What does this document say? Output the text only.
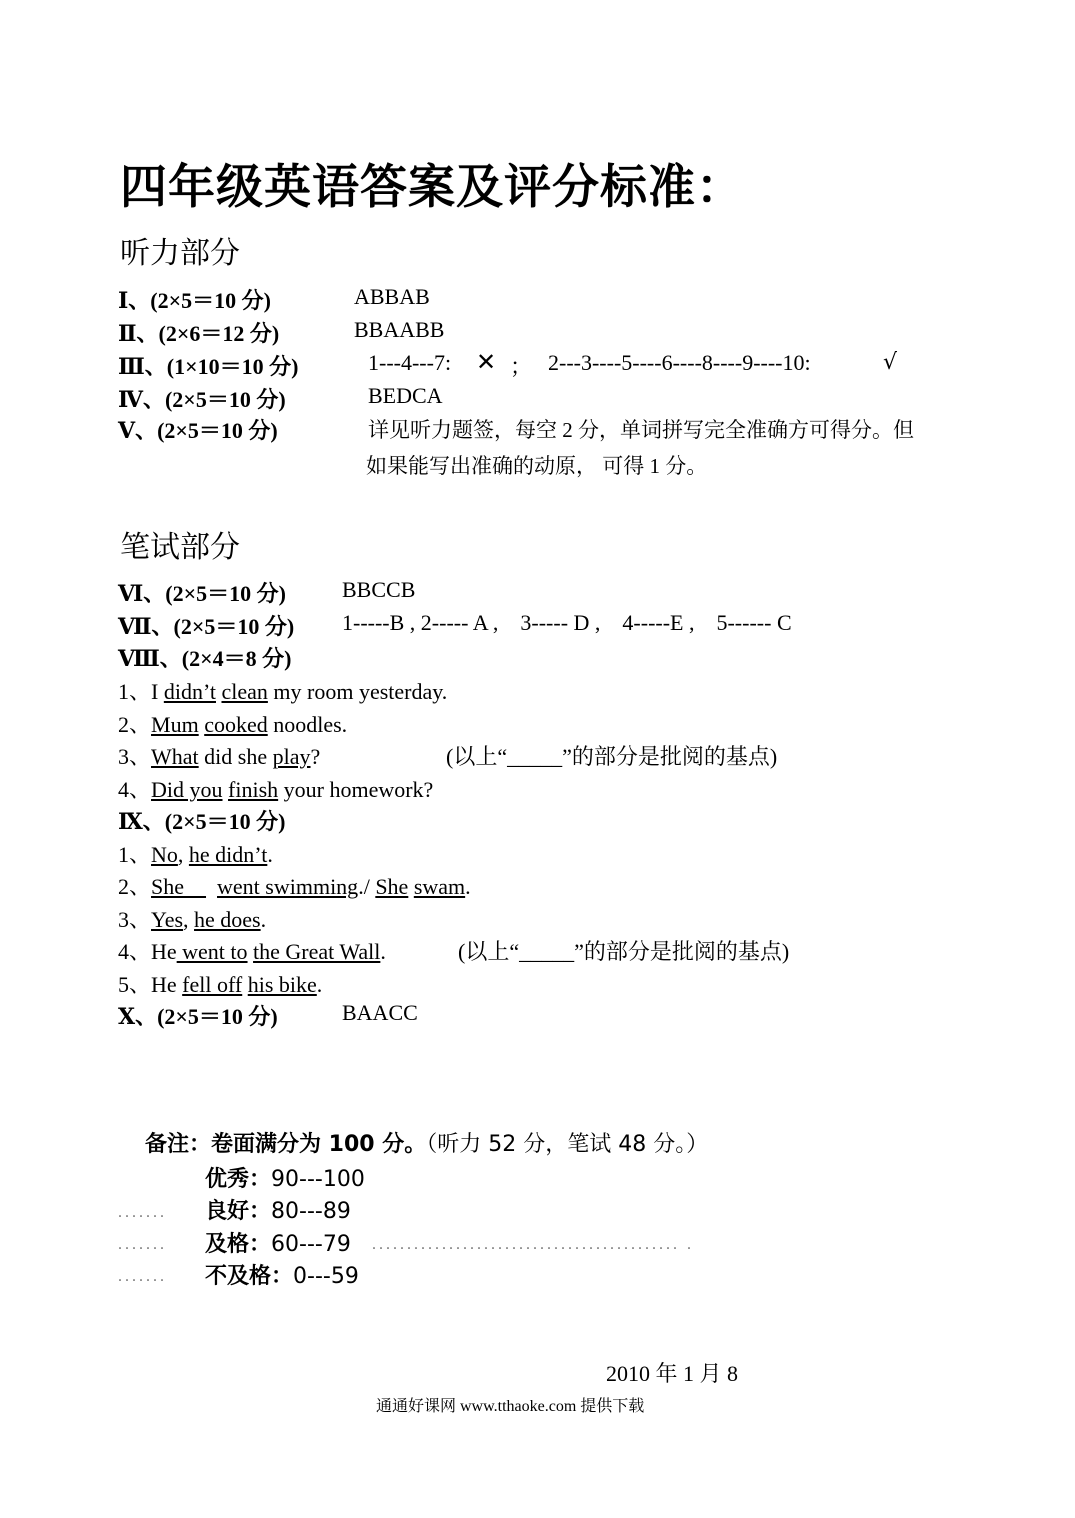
四年级英语答案及评分标准：
听力部分
Ⅰ、(2×5＝10 分)	ABBAB
Ⅱ、(2×6＝12 分)	BBAABB
Ⅲ、(1×10＝10 分)	1---4---7: ✕ ； 2---3----5----6----8----9----10:	√
Ⅳ、(2×5＝10 分)	BEDCA
Ⅴ、(2×5＝10 分)	详见听力题签，每空 2 分，单词拼写完全准确方可得分。但
如果能写出准确的动原， 可得 1 分。
笔试部分
Ⅵ、(2×5＝10 分)	BBCCB
Ⅶ、(2×5＝10 分) 1-----B , 2----- A ,    3----- D ,    4-----E ,    5------ C
Ⅷ、(2×4＝8 分)
1、I didn’t clean my room yesterday.
2、Mum cooked noodles.
3、What did she play?	(以上“_____”的部分是批阅的基点)
4、Did you finish your homework?
Ⅸ、(2×5＝10 分)
1、No, he didn’t.
2、She      went swimming./ She swam.
3、Yes, he does.
4、He went to the Great Wall.	(以上“_____”的部分是批阅的基点)
5、He fell off his bike.
Ⅹ、(2×5＝10 分)	BAACC
备注：卷面满分为 100 分。（听力 52 分，笔试 48 分。）
优秀：90---100
....... 良好：80---89
....... 及格：60---79 ............................................ .
....... 不及格：0---59
2010 年 1 月 8
通通好课网 www.tthaoke.com 提供下载
